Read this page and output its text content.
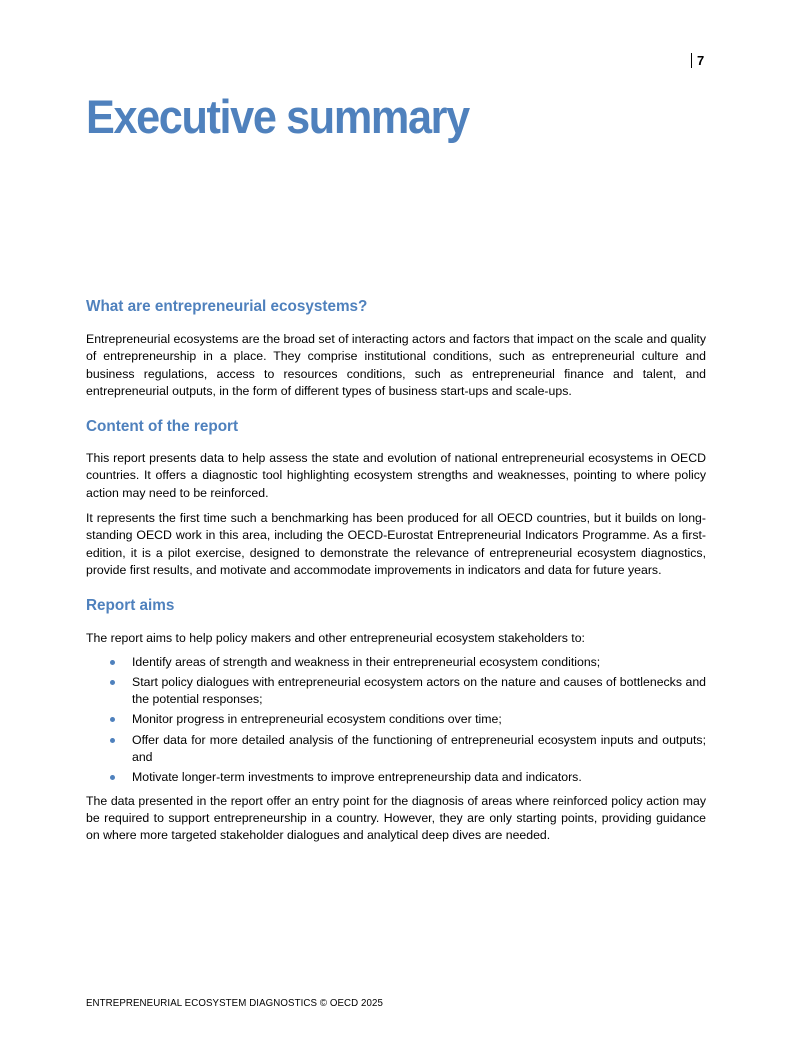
7
Executive summary
What are entrepreneurial ecosystems?

Entrepreneurial ecosystems are the broad set of interacting actors and factors that impact on the scale and quality of entrepreneurship in a place. They comprise institutional conditions, such as entrepreneurial culture and business regulations, access to resources conditions, such as entrepreneurial finance and talent, and entrepreneurial outputs, in the form of different types of business start-ups and scale-ups.

Content of the report

This report presents data to help assess the state and evolution of national entrepreneurial ecosystems in OECD countries. It offers a diagnostic tool highlighting ecosystem strengths and weaknesses, pointing to where policy action may need to be reinforced.

It represents the first time such a benchmarking has been produced for all OECD countries, but it builds on long-standing OECD work in this area, including the OECD-Eurostat Entrepreneurial Indicators Programme. As a first-edition, it is a pilot exercise, designed to demonstrate the relevance of entrepreneurial ecosystem diagnostics, provide first results, and motivate and accommodate improvements in indicators and data for future years.

Report aims

The report aims to help policy makers and other entrepreneurial ecosystem stakeholders to:

Identify areas of strength and weakness in their entrepreneurial ecosystem conditions;
Start policy dialogues with entrepreneurial ecosystem actors on the nature and causes of bottlenecks and the potential responses;
Monitor progress in entrepreneurial ecosystem conditions over time;
Offer data for more detailed analysis of the functioning of entrepreneurial ecosystem inputs and outputs; and
Motivate longer-term investments to improve entrepreneurship data and indicators.

The data presented in the report offer an entry point for the diagnosis of areas where reinforced policy action may be required to support entrepreneurship in a country. However, they are only starting points, providing guidance on where more targeted stakeholder dialogues and analytical deep dives are needed.

ENTREPRENEURIAL ECOSYSTEM DIAGNOSTICS © OECD 2025
